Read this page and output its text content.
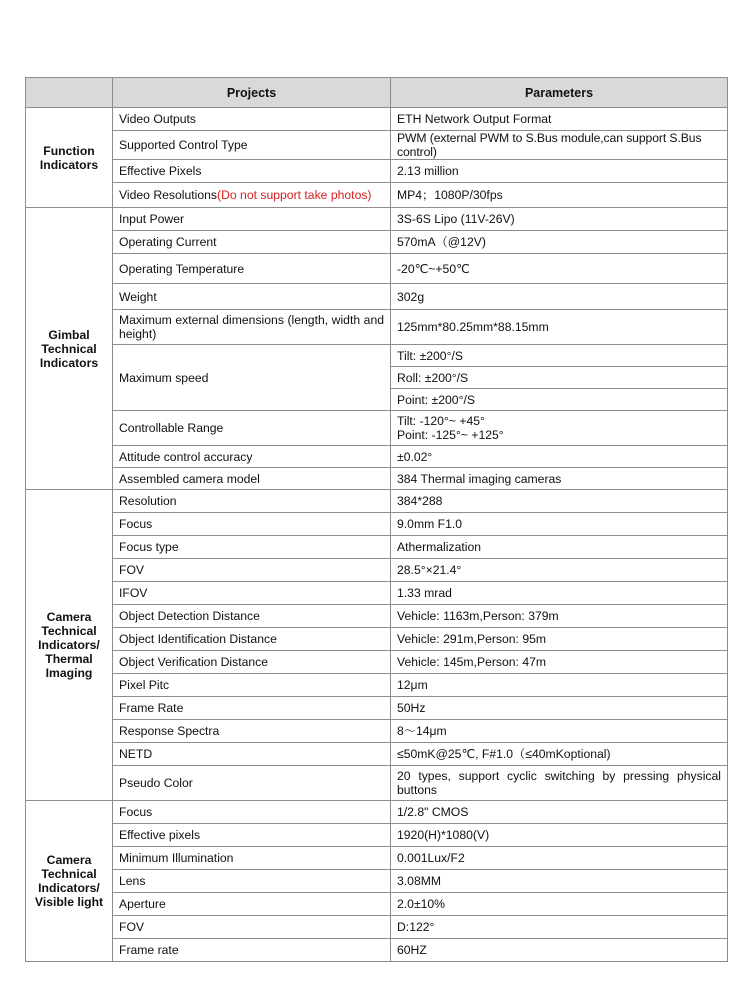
	Projects	Parameters

Function
Indicators	Video Outputs	ETH Network Output Format
	Supported Control Type	PWM (external PWM to S.Bus module,can support S.Bus control)
	Effective Pixels	2.13 million
	Video Resolutions(Do not support take photos)	MP4；1080P/30fps

Gimbal
Technical
Indicators	Input Power	3S-6S Lipo (11V-26V)
	Operating Current	570mA（@12V)
	Operating Temperature	-20℃~+50℃
	Weight	302g
	Maximum external dimensions (length, width and height)	125mm*80.25mm*88.15mm
	Maximum speed	Tilt: ±200°/S
		Roll: ±200°/S
		Point: ±200°/S
	Controllable Range	Tilt: -120°~ +45°
Point: -125°~ +125°

	Attitude control accuracy	±0.02°
	Assembled camera model	384 Thermal imaging cameras

Camera
Technical
Indicators/
Thermal
Imaging	Resolution	384*288
	Focus	9.0mm F1.0
	Focus type	Athermalization
	FOV	28.5°×21.4°
	IFOV	1.33 mrad
	Object Detection Distance	Vehicle: 1163m,Person: 379m
	Object Identification Distance	Vehicle: 291m,Person: 95m
	Object Verification Distance	Vehicle: 145m,Person: 47m
	Pixel Pitc	12μm
	Frame Rate	50Hz
	Response Spectra	8～14μm
	NETD	≤50mK@25℃, F#1.0（≤40mKoptional)
	Pseudo Color	20 types, support cyclic switching by pressing physical buttons

Camera
Technical
Indicators/
Visible light	Focus	1/2.8" CMOS
	Effective pixels	1920(H)*1080(V)
	Minimum Illumination	0.001Lux/F2
	Lens	3.08MM
	Aperture	2.0±10%
	FOV	D:122°
	Frame rate	60HZ
